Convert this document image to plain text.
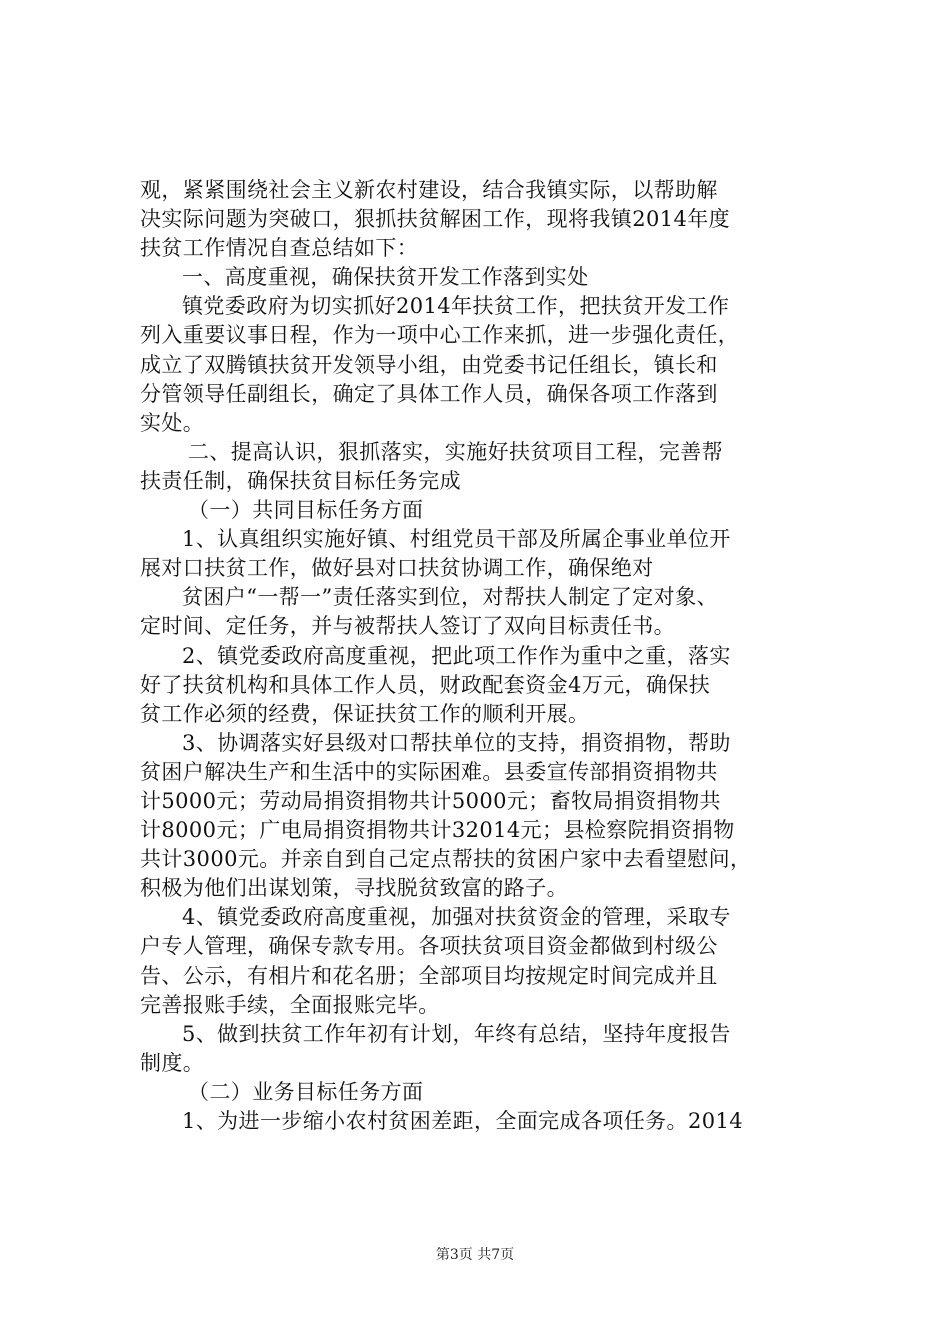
观，紧紧围绕社会主义新农村建设，结合我镇实际，以帮助解
决实际问题为突破口，狠抓扶贫解困工作，现将我镇2014年度
扶贫工作情况自查总结如下：
一、高度重视，确保扶贫开发工作落到实处
镇党委政府为切实抓好2014年扶贫工作，把扶贫开发工作
列入重要议事日程，作为一项中心工作来抓，进一步强化责任，
成立了双腾镇扶贫开发领导小组，由党委书记任组长，镇长和
分管领导任副组长，确定了具体工作人员，确保各项工作落到
实处。
二、提高认识，狠抓落实，实施好扶贫项目工程，完善帮
扶责任制，确保扶贫目标任务完成
（一）共同目标任务方面
1、认真组织实施好镇、村组党员干部及所属企事业单位开
展对口扶贫工作，做好县对口扶贫协调工作，确保绝对
贫困户“一帮一”责任落实到位，对帮扶人制定了定对象、
定时间、定任务，并与被帮扶人签订了双向目标责任书。
2、镇党委政府高度重视，把此项工作作为重中之重，落实
好了扶贫机构和具体工作人员，财政配套资金4万元，确保扶
贫工作必须的经费，保证扶贫工作的顺利开展。
3、协调落实好县级对口帮扶单位的支持，捐资捐物，帮助
贫困户解决生产和生活中的实际困难。县委宣传部捐资捐物共
计5000元；劳动局捐资捐物共计5000元；畜牧局捐资捐物共
计8000元；广电局捐资捐物共计32014元；县检察院捐资捐物
共计3000元。并亲自到自己定点帮扶的贫困户家中去看望慰问，
积极为他们出谋划策，寻找脱贫致富的路子。
4、镇党委政府高度重视，加强对扶贫资金的管理，采取专
户专人管理，确保专款专用。各项扶贫项目资金都做到村级公
告、公示，有相片和花名册；全部项目均按规定时间完成并且
完善报账手续，全面报账完毕。
5、做到扶贫工作年初有计划，年终有总结，坚持年度报告
制度。
（二）业务目标任务方面
1、为进一步缩小农村贫困差距，全面完成各项任务。2014
第3页 共7页
